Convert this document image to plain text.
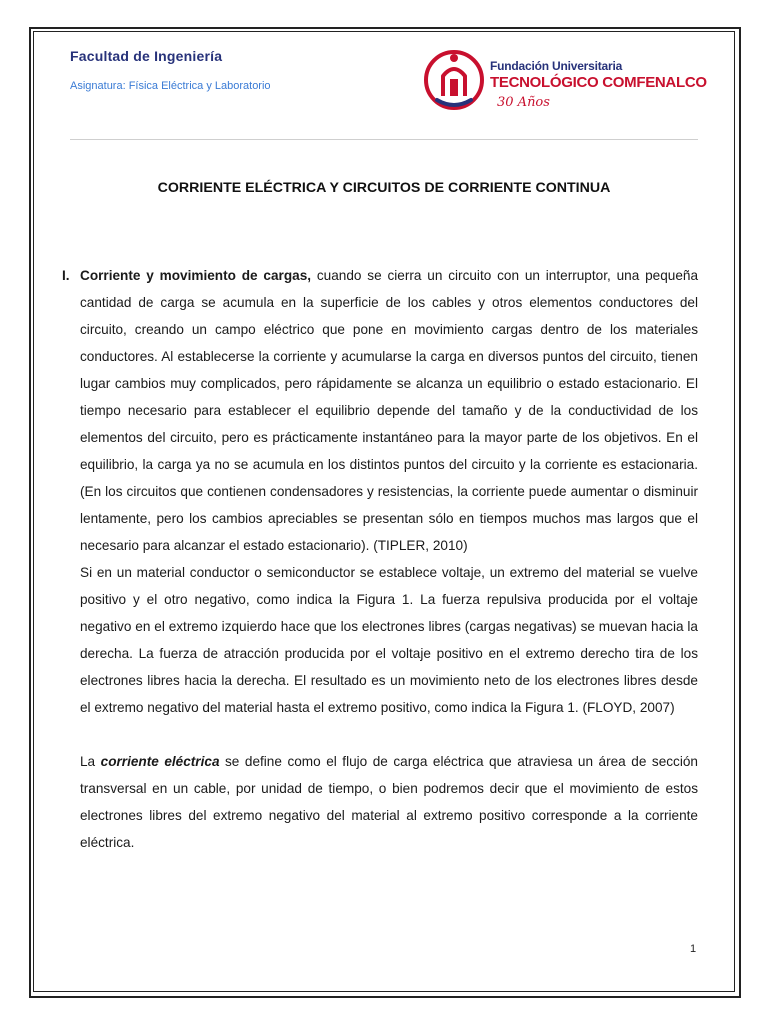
Facultad de Ingeniería
Asignatura: Física Eléctrica y Laboratorio
Fundación Universitaria
TECNOLÓGICO COMFENALCO
30 Años
CORRIENTE ELÉCTRICA Y CIRCUITOS DE CORRIENTE CONTINUA
I. Corriente y movimiento de cargas, cuando se cierra un circuito con un interruptor, una pequeña cantidad de carga se acumula en la superficie de los cables y otros elementos conductores del circuito, creando un campo eléctrico que pone en movimiento cargas dentro de los materiales conductores. Al establecerse la corriente y acumularse la carga en diversos puntos del circuito, tienen lugar cambios muy complicados, pero rápidamente se alcanza un equilibrio o estado estacionario. El tiempo necesario para establecer el equilibrio depende del tamaño y de la conductividad de los elementos del circuito, pero es prácticamente instantáneo para la mayor parte de los objetivos. En el equilibrio, la carga ya no se acumula en los distintos puntos del circuito y la corriente es estacionaria. (En los circuitos que contienen condensadores y resistencias, la corriente puede aumentar o disminuir lentamente, pero los cambios apreciables se presentan sólo en tiempos muchos mas largos que el necesario para alcanzar el estado estacionario). (TIPLER, 2010)

Si en un material conductor o semiconductor se establece voltaje, un extremo del material se vuelve positivo y el otro negativo, como indica la Figura 1. La fuerza repulsiva producida por el voltaje negativo en el extremo izquierdo hace que los electrones libres (cargas negativas) se muevan hacia la derecha. La fuerza de atracción producida por el voltaje positivo en el extremo derecho tira de los electrones libres hacia la derecha. El resultado es un movimiento neto de los electrones libres desde el extremo negativo del material hasta el extremo positivo, como indica la Figura 1. (FLOYD, 2007)

La corriente eléctrica se define como el flujo de carga eléctrica que atraviesa un área de sección transversal en un cable, por unidad de tiempo, o bien podremos decir que el movimiento de estos electrones libres del extremo negativo del material al extremo positivo corresponde a la corriente eléctrica.

1
